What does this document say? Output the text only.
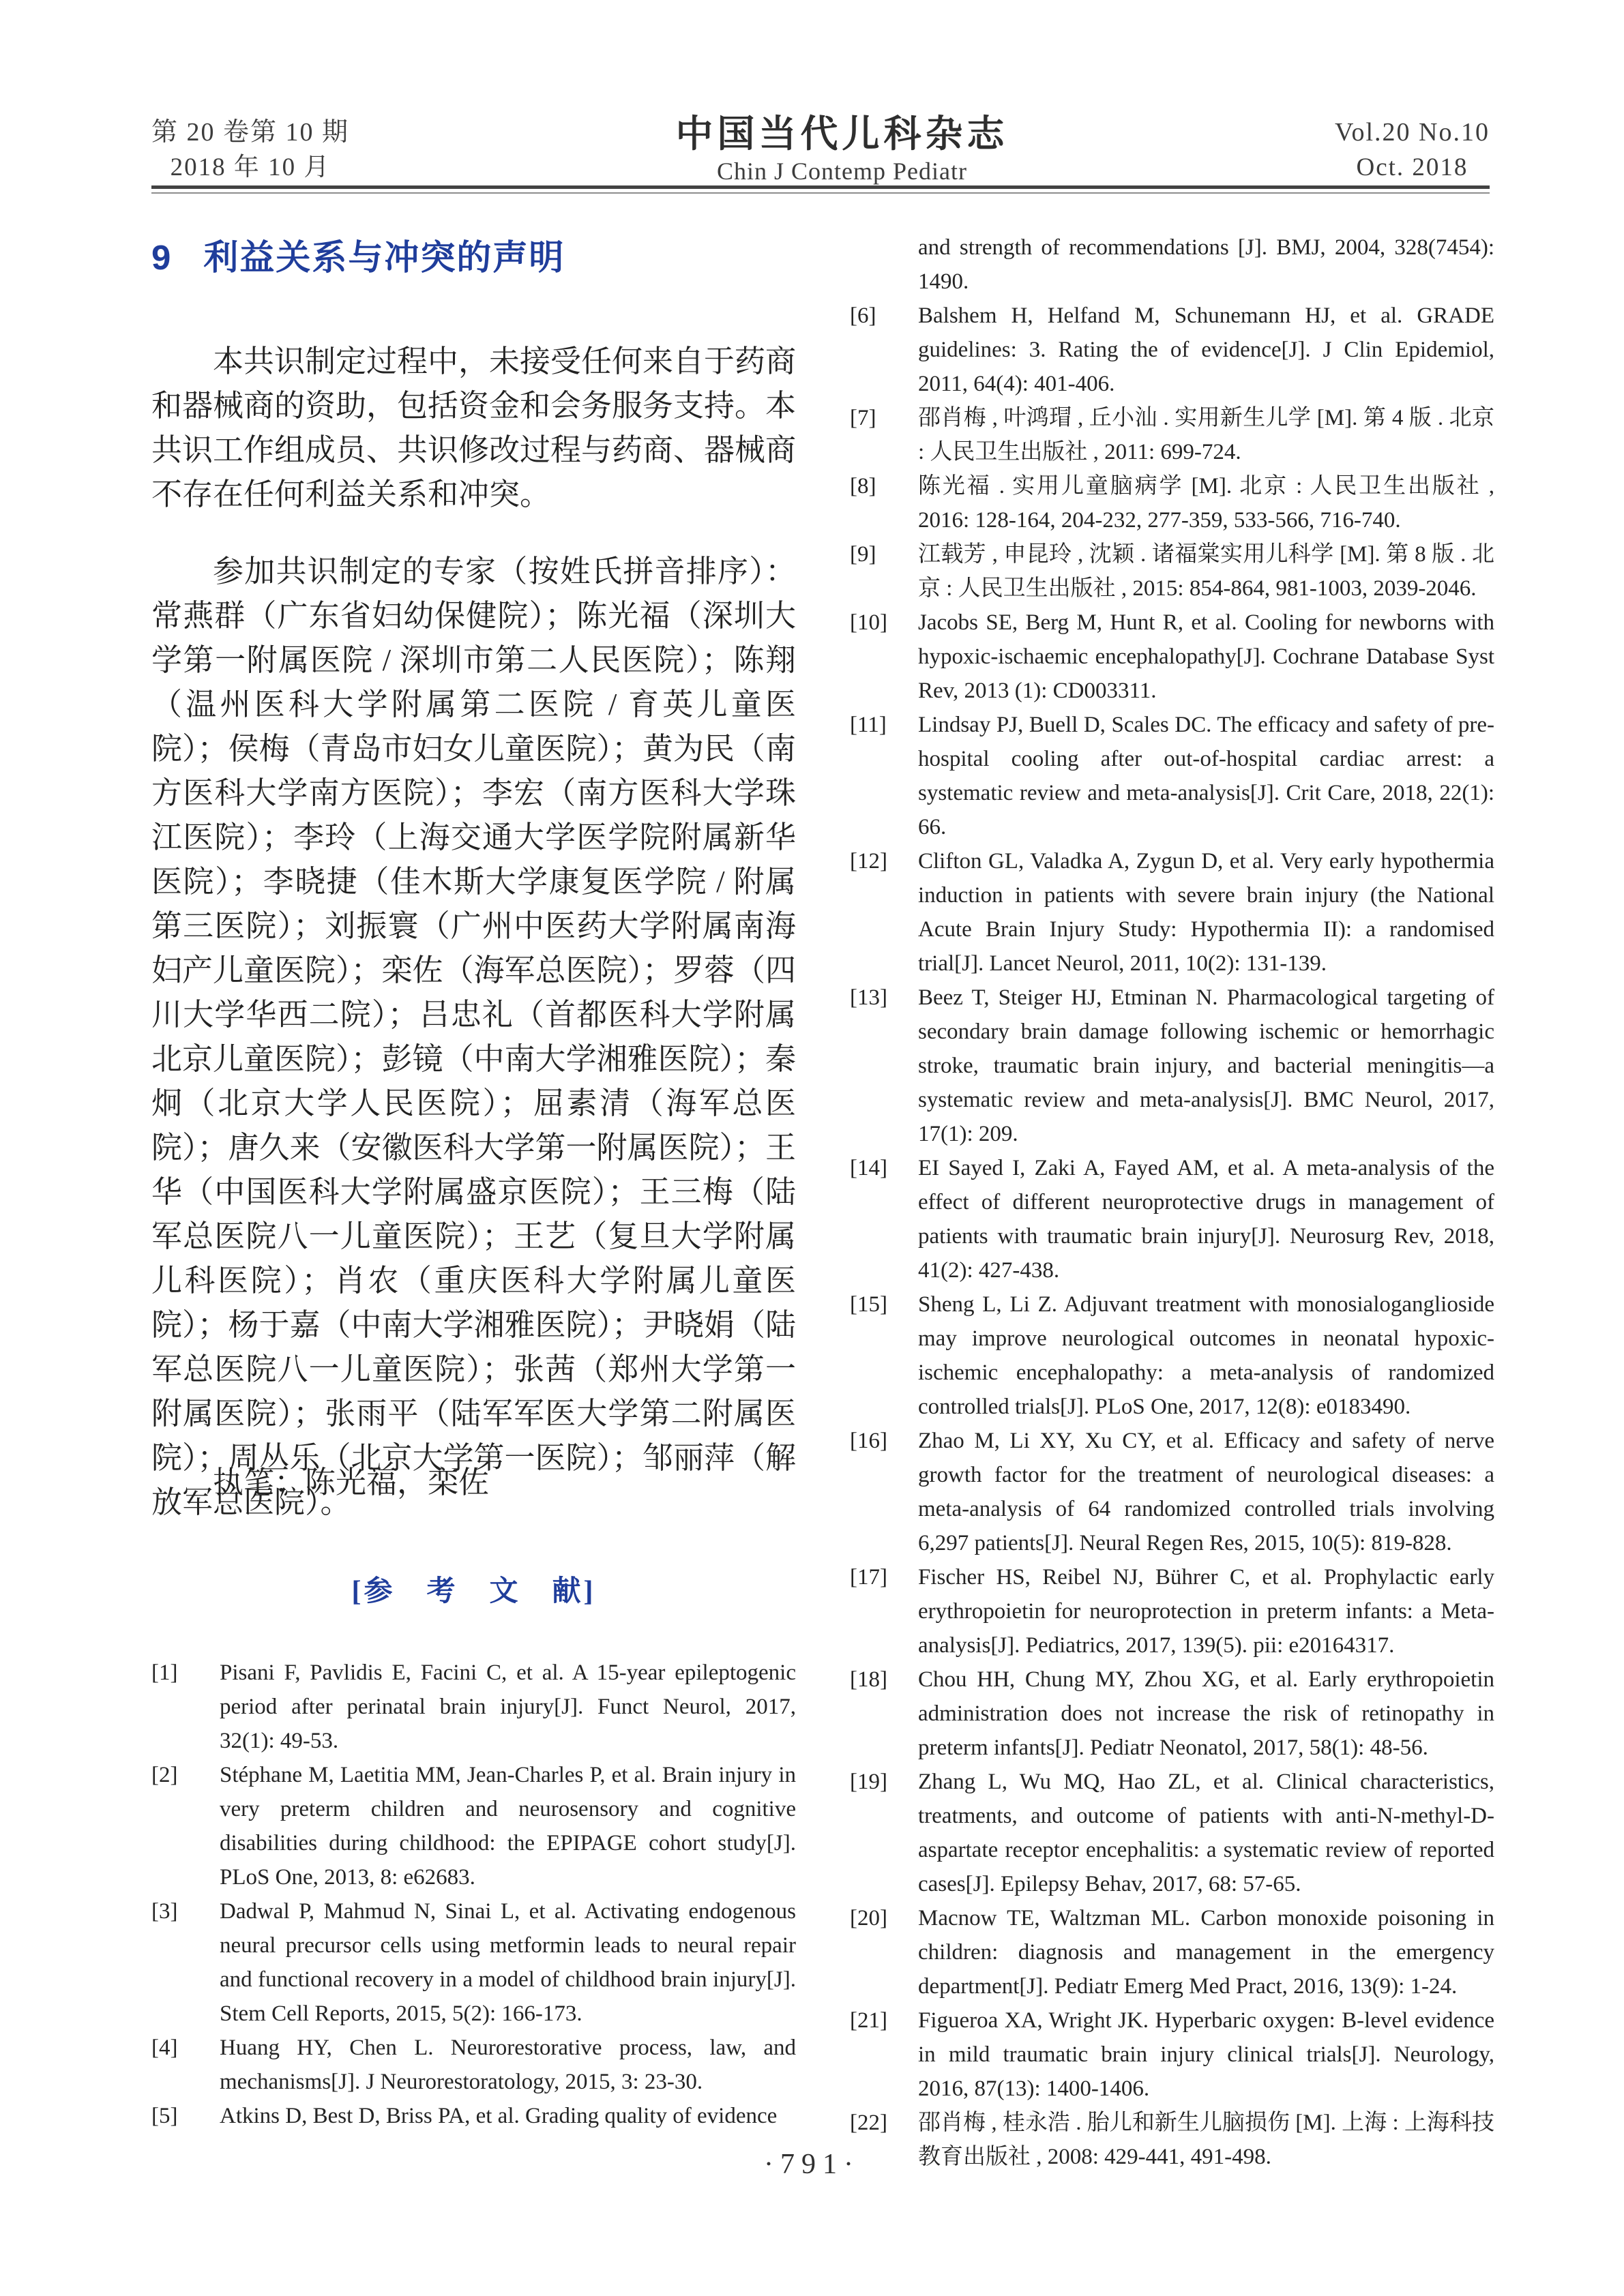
第 20 卷第 10 期
2018 年 10 月
中国当代儿科杂志
Chin J Contemp Pediatr
Vol.20 No.10
Oct. 2018
9 利益关系与冲突的声明
本共识制定过程中，未接受任何来自于药商和器械商的资助，包括资金和会务服务支持。本共识工作组成员、共识修改过程与药商、器械商不存在任何利益关系和冲突。
参加共识制定的专家（按姓氏拼音排序）：常燕群（广东省妇幼保健院）；陈光福（深圳大学第一附属医院 / 深圳市第二人民医院）；陈翔（温州医科大学附属第二医院 / 育英儿童医院）；侯梅（青岛市妇女儿童医院）；黄为民（南方医科大学南方医院）；李宏（南方医科大学珠江医院）；李玲（上海交通大学医学院附属新华医院）；李晓捷（佳木斯大学康复医学院 / 附属第三医院）；刘振寰（广州中医药大学附属南海妇产儿童医院）；栾佐（海军总医院）；罗蓉（四川大学华西二院）；吕忠礼（首都医科大学附属北京儿童医院）；彭镜（中南大学湘雅医院）；秦炯（北京大学人民医院）；屈素清（海军总医院）；唐久来（安徽医科大学第一附属医院）；王华（中国医科大学附属盛京医院）；王三梅（陆军总医院八一儿童医院）；王艺（复旦大学附属儿科医院）；肖农（重庆医科大学附属儿童医院）；杨于嘉（中南大学湘雅医院）；尹晓娟（陆军总医院八一儿童医院）；张茜（郑州大学第一附属医院）；张雨平（陆军军医大学第二附属医院）；周丛乐（北京大学第一医院）；邹丽萍（解放军总医院）。
执笔：陈光福，栾佐
[参　考　文　献]
[1] Pisani F, Pavlidis E, Facini C, et al. A 15-year epileptogenic period after perinatal brain injury[J]. Funct Neurol, 2017, 32(1): 49-53.
[2] Stéphane M, Laetitia MM, Jean-Charles P, et al. Brain injury in very preterm children and neurosensory and cognitive disabilities during childhood: the EPIPAGE cohort study[J]. PLoS One, 2013, 8: e62683.
[3] Dadwal P, Mahmud N, Sinai L, et al. Activating endogenous neural precursor cells using metformin leads to neural repair and functional recovery in a model of childhood brain injury[J]. Stem Cell Reports, 2015, 5(2): 166-173.
[4] Huang HY, Chen L. Neurorestorative process, law, and mechanisms[J]. J Neurorestoratology, 2015, 3: 23-30.
[5] Atkins D, Best D, Briss PA, et al. Grading quality of evidence
and strength of recommendations [J]. BMJ, 2004, 328(7454): 1490.
[6] Balshem H, Helfand M, Schunemann HJ, et al. GRADE guidelines: 3. Rating the of evidence[J]. J Clin Epidemiol, 2011, 64(4): 401-406.
[7] 邵肖梅 , 叶鸿瑁 , 丘小汕 . 实用新生儿学 [M]. 第 4 版 . 北京 : 人民卫生出版社 , 2011: 699-724.
[8] 陈光福 . 实用儿童脑病学 [M]. 北京 : 人民卫生出版社 , 2016: 128-164, 204-232, 277-359, 533-566, 716-740.
[9] 江载芳 , 申昆玲 , 沈颖 . 诸福棠实用儿科学 [M]. 第 8 版 . 北京 : 人民卫生出版社 , 2015: 854-864, 981-1003, 2039-2046.
[10] Jacobs SE, Berg M, Hunt R, et al. Cooling for newborns with hypoxic-ischaemic encephalopathy[J]. Cochrane Database Syst Rev, 2013 (1): CD003311.
[11] Lindsay PJ, Buell D, Scales DC. The efficacy and safety of pre-hospital cooling after out-of-hospital cardiac arrest: a systematic review and meta-analysis[J]. Crit Care, 2018, 22(1): 66.
[12] Clifton GL, Valadka A, Zygun D, et al. Very early hypothermia induction in patients with severe brain injury (the National Acute Brain Injury Study: Hypothermia II): a randomised trial[J]. Lancet Neurol, 2011, 10(2): 131-139.
[13] Beez T, Steiger HJ, Etminan N. Pharmacological targeting of secondary brain damage following ischemic or hemorrhagic stroke, traumatic brain injury, and bacterial meningitis—a systematic review and meta-analysis[J]. BMC Neurol, 2017, 17(1): 209.
[14] EI Sayed I, Zaki A, Fayed AM, et al. A meta-analysis of the effect of different neuroprotective drugs in management of patients with traumatic brain injury[J]. Neurosurg Rev, 2018, 41(2): 427-438.
[15] Sheng L, Li Z. Adjuvant treatment with monosialoganglioside may improve neurological outcomes in neonatal hypoxic-ischemic encephalopathy: a meta-analysis of randomized controlled trials[J]. PLoS One, 2017, 12(8): e0183490.
[16] Zhao M, Li XY, Xu CY, et al. Efficacy and safety of nerve growth factor for the treatment of neurological diseases: a meta-analysis of 64 randomized controlled trials involving 6,297 patients[J]. Neural Regen Res, 2015, 10(5): 819-828.
[17] Fischer HS, Reibel NJ, Bührer C, et al. Prophylactic early erythropoietin for neuroprotection in preterm infants: a Meta-analysis[J]. Pediatrics, 2017, 139(5). pii: e20164317.
[18] Chou HH, Chung MY, Zhou XG, et al. Early erythropoietin administration does not increase the risk of retinopathy in preterm infants[J]. Pediatr Neonatol, 2017, 58(1): 48-56.
[19] Zhang L, Wu MQ, Hao ZL, et al. Clinical characteristics, treatments, and outcome of patients with anti-N-methyl-D-aspartate receptor encephalitis: a systematic review of reported cases[J]. Epilepsy Behav, 2017, 68: 57-65.
[20] Macnow TE, Waltzman ML. Carbon monoxide poisoning in children: diagnosis and management in the emergency department[J]. Pediatr Emerg Med Pract, 2016, 13(9): 1-24.
[21] Figueroa XA, Wright JK. Hyperbaric oxygen: B-level evidence in mild traumatic brain injury clinical trials[J]. Neurology, 2016, 87(13): 1400-1406.
[22] 邵肖梅 , 桂永浩 . 胎儿和新生儿脑损伤 [M]. 上海 : 上海科技教育出版社 , 2008: 429-441, 491-498.
·791·
